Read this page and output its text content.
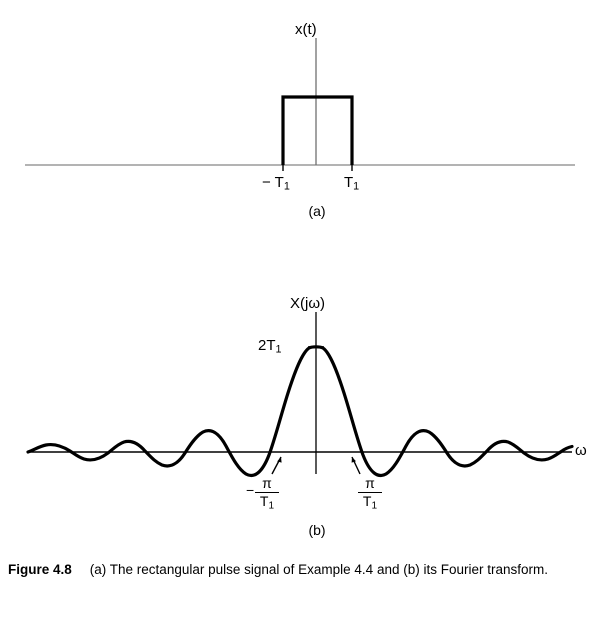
x(t)
− $T_1$	$T_1$
(a)
X(jω)
$2T_1$
ω
− π
$T_1$
π
$T_1$
(b)
Figure 4.8 (a) The rectangular pulse signal of Example 4.4 and (b) its Fourier transform.
